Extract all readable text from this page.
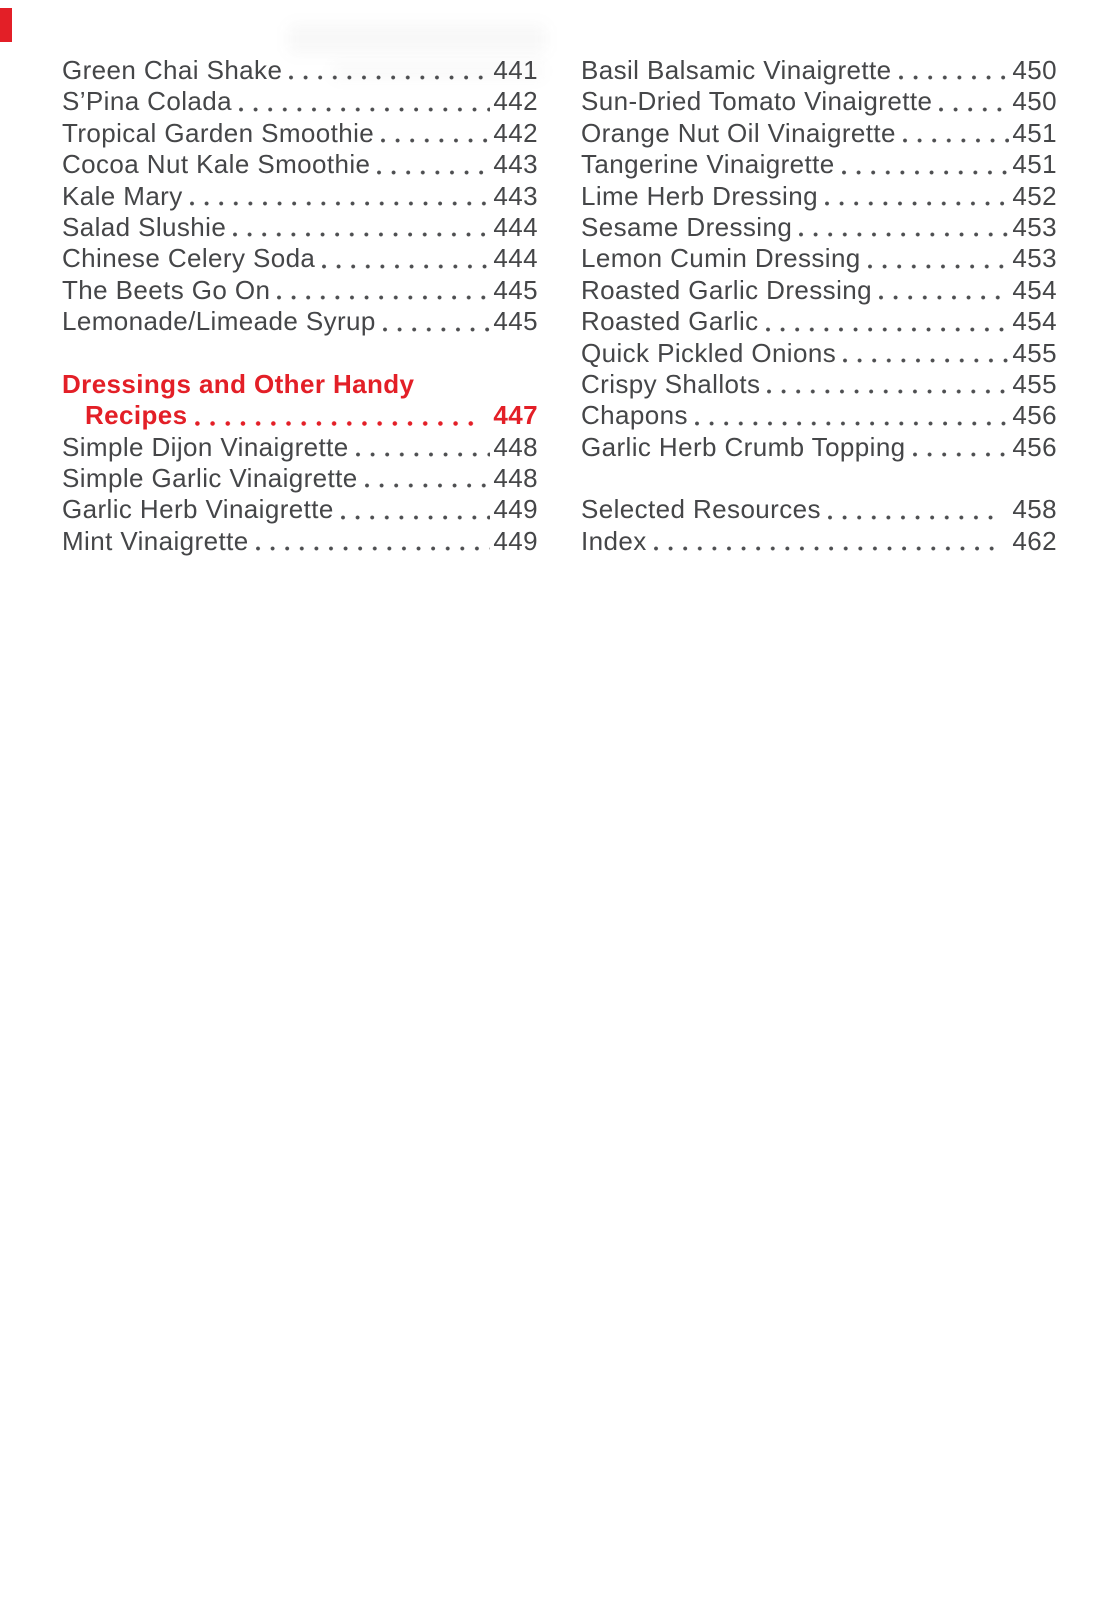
Green Chai Shake	441
S’Pina Colada	442
Tropical Garden Smoothie	442
Cocoa Nut Kale Smoothie	443
Kale Mary	443
Salad Slushie	444
Chinese Celery Soda	444
The Beets Go On	445
Lemonade/Limeade Syrup	445
Dressings and Other Handy
Recipes	447
Simple Dijon Vinaigrette	448
Simple Garlic Vinaigrette	448
Garlic Herb Vinaigrette	449
Mint Vinaigrette	449
Basil Balsamic Vinaigrette	450
Sun-Dried Tomato Vinaigrette	450
Orange Nut Oil Vinaigrette	451
Tangerine Vinaigrette	451
Lime Herb Dressing	452
Sesame Dressing	453
Lemon Cumin Dressing	453
Roasted Garlic Dressing	454
Roasted Garlic	454
Quick Pickled Onions	455
Crispy Shallots	455
Chapons	456
Garlic Herb Crumb Topping	456
Selected Resources	458
Index	462
